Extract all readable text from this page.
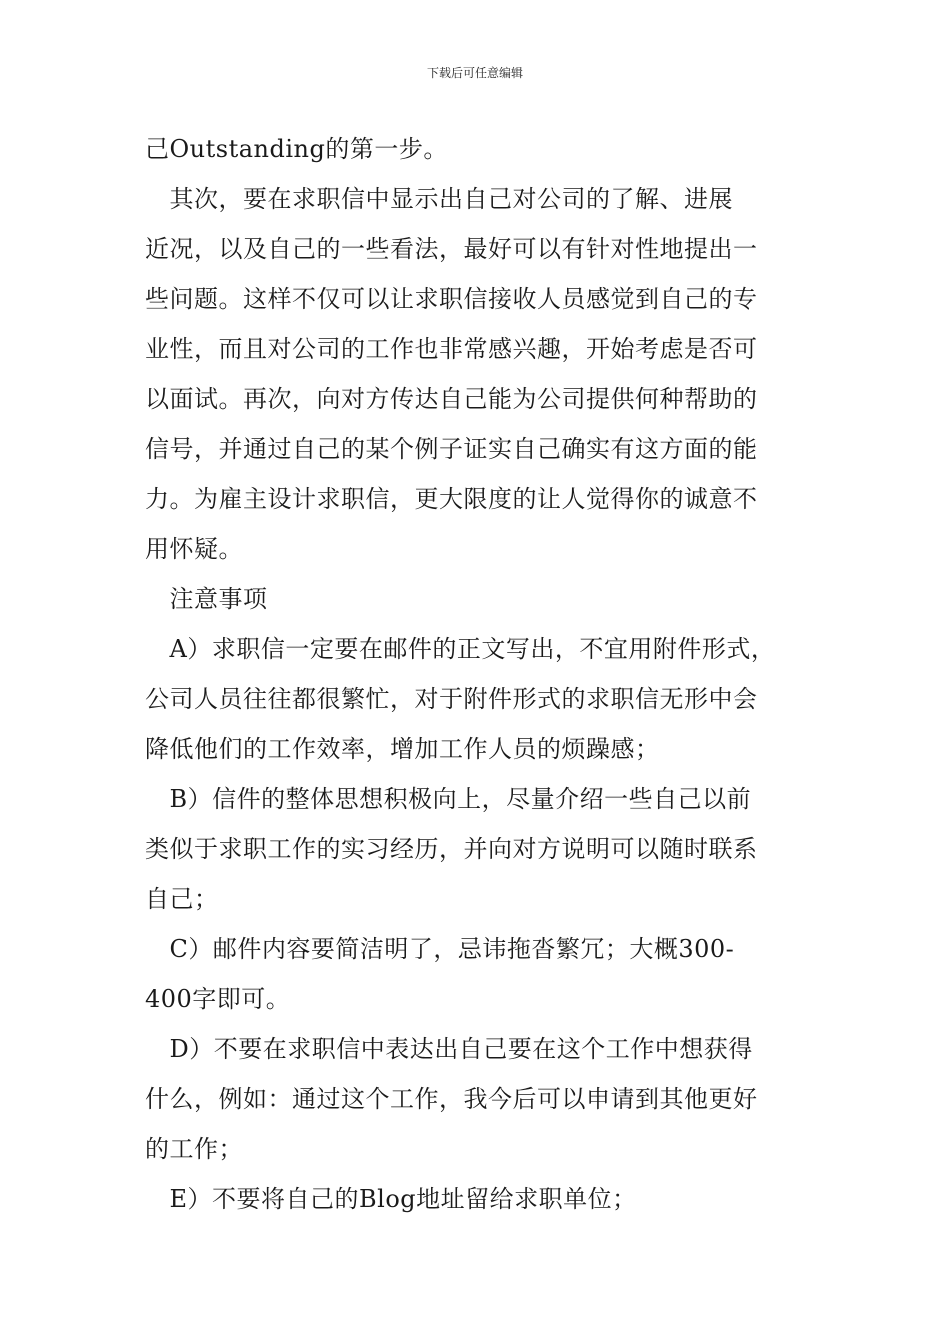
下载后可任意编辑
己Outstanding的第一步。
　其次，要在求职信中显示出自己对公司的了解、进展
近况，以及自己的一些看法，最好可以有针对性地提出一
些问题。这样不仅可以让求职信接收人员感觉到自己的专
业性，而且对公司的工作也非常感兴趣，开始考虑是否可
以面试。再次，向对方传达自己能为公司提供何种帮助的
信号，并通过自己的某个例子证实自己确实有这方面的能
力。为雇主设计求职信，更大限度的让人觉得你的诚意不
用怀疑。
　注意事项
　A）求职信一定要在邮件的正文写出，不宜用附件形式，
公司人员往往都很繁忙，对于附件形式的求职信无形中会
降低他们的工作效率，增加工作人员的烦躁感；
　B）信件的整体思想积极向上，尽量介绍一些自己以前
类似于求职工作的实习经历，并向对方说明可以随时联系
自己；
　C）邮件内容要简洁明了，忌讳拖沓繁冗；大概300-
400字即可。
　D）不要在求职信中表达出自己要在这个工作中想获得
什么，例如：通过这个工作，我今后可以申请到其他更好
的工作；
　E）不要将自己的Blog地址留给求职单位；
